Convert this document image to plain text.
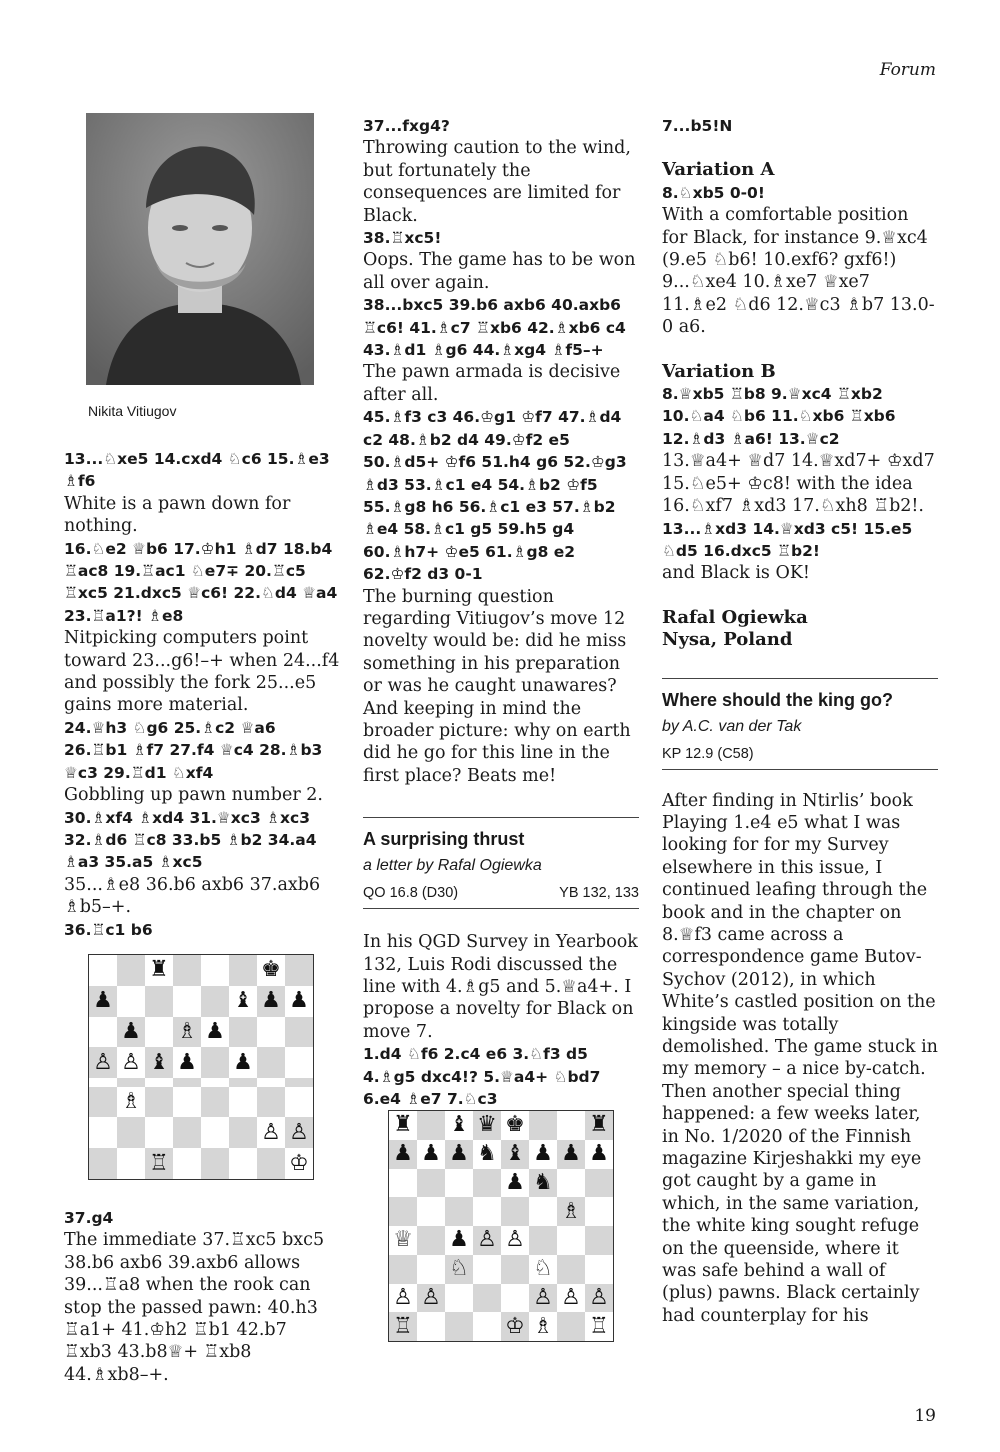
Forum
Nikita Vitiugov

13...♘xe5 14.cxd4 ♘c6 15.♗e3 ♗f6

White is a pawn down for nothing.

16.♘e2 ♕b6 17.♔h1 ♗d7 18.b4 ♖ac8 19.♖ac1 ♘e7∓ 20.♖c5 ♖xc5 21.dxc5 ♕c6! 22.♘d4 ♕a4 23.♖a1?! ♗e8

Nitpicking computers point toward 23...g6!–+ when 24...f4 and possibly the fork 25...e5 gains more material.

24.♕h3 ♘g6 25.♗c2 ♕a6 26.♖b1 ♗f7 27.f4 ♕c4 28.♗b3 ♕c3 29.♖d1 ♘xf4

Gobbling up pawn number 2.

30.♗xf4 ♗xd4 31.♕xc3 ♗xc3 32.♗d6 ♖c8 33.b5 ♗b2 34.a4 ♗a3 35.a5 ♗xc5

35...♗e8 36.b6 axb6 37.axb6 ♗b5–+.

36.♖c1 b6

♜	♚
♟	♝ ♟ ♟
♟ ♗ ♟
♙ ♙ ♝ ♟ ♟
♗
♙ ♙
♖	♔

37.g4

The immediate 37.♖xc5 bxc5 38.b6 axb6 39.axb6 allows 39...♖a8 when the rook can stop the passed pawn: 40.h3 ♖a1+ 41.♔h2 ♖b1 42.b7 ♖xb3 43.b8♕+ ♖xb8 44.♗xb8–+.

37...fxg4?

Throwing caution to the wind, but fortunately the consequences are limited for Black.

38.♖xc5!

Oops. The game has to be won all over again.

38...bxc5 39.b6 axb6 40.axb6 ♖c6! 41.♗c7 ♖xb6 42.♗xb6 c4 43.♗d1 ♗g6 44.♗xg4 ♗f5–+

The pawn armada is decisive after all.

45.♗f3 c3 46.♔g1 ♔f7 47.♗d4 c2 48.♗b2 d4 49.♔f2 e5 50.♗d5+ ♔f6 51.h4 g6 52.♔g3 ♗d3 53.♗c1 e4 54.♗b2 ♔f5 55.♗g8 h6 56.♗c1 e3 57.♗b2 ♗e4 58.♗c1 g5 59.h5 g4 60.♗h7+ ♔e5 61.♗g8 e2 62.♔f2 d3 0-1

The burning question regarding Vitiugov’s move 12 novelty would be: did he miss something in his preparation or was he caught unawares? And keeping in mind the broader picture: why on earth did he go for this line in the first place? Beats me!

A surprising thrust

a letter by Rafal Ogiewka

QO 16.8 (D30)	YB 132, 133

In his QGD Survey in Yearbook 132, Luis Rodi discussed the line with 4.♗g5 and 5.♕a4+. I propose a novelty for Black on move 7.

1.d4 ♘f6 2.c4 e6 3.♘f3 d5 4.♗g5 dxc4!? 5.♕a4+ ♘bd7 6.e4 ♗e7 7.♘c3

♜ ♝ ♛ ♚	♜
♟ ♟ ♟ ♞ ♝ ♟ ♟ ♟
♟ ♞
♗
♕ ♟ ♙ ♙
♘	♘
♙ ♙	♙ ♙ ♙
♖	♔ ♗ ♖

7...b5!N

Variation A

8.♘xb5 0-0!

With a comfortable position for Black, for instance 9.♕xc4 (9.e5 ♘b6! 10.exf6? gxf6!) 9...♘xe4 10.♗xe7 ♕xe7 11.♗e2 ♘d6 12.♕c3 ♗b7 13.0-0 a6.

Variation B

8.♕xb5 ♖b8 9.♕xc4 ♖xb2 10.♘a4 ♘b6 11.♘xb6 ♖xb6 12.♗d3 ♗a6! 13.♕c2

13.♕a4+ ♕d7 14.♕xd7+ ♔xd7 15.♘e5+ ♔c8! with the idea 16.♘xf7 ♗xd3 17.♘xh8 ♖b2!.

13...♗xd3 14.♕xd3 c5! 15.e5 ♘d5 16.dxc5 ♖b2!

and Black is OK!

Rafal Ogiewka

Nysa, Poland

Where should the king go?

by A.C. van der Tak

KP 12.9 (C58)

After finding in Ntirlis’ book Playing 1.e4 e5 what I was looking for for my Survey elsewhere in this issue, I continued leafing through the book and in the chapter on 8.♕f3 came across a correspondence game Butov-Sychov (2012), in which White’s castled position on the kingside was totally demolished. The game stuck in my memory – a nice by-catch.

Then another special thing happened: a few weeks later, in No. 1/2020 of the Finnish magazine Kirjeshakki my eye got caught by a game in which, in the same variation, the white king sought refuge on the queenside, where it was safe behind a wall of (plus) pawns. Black certainly had counterplay for his

19
